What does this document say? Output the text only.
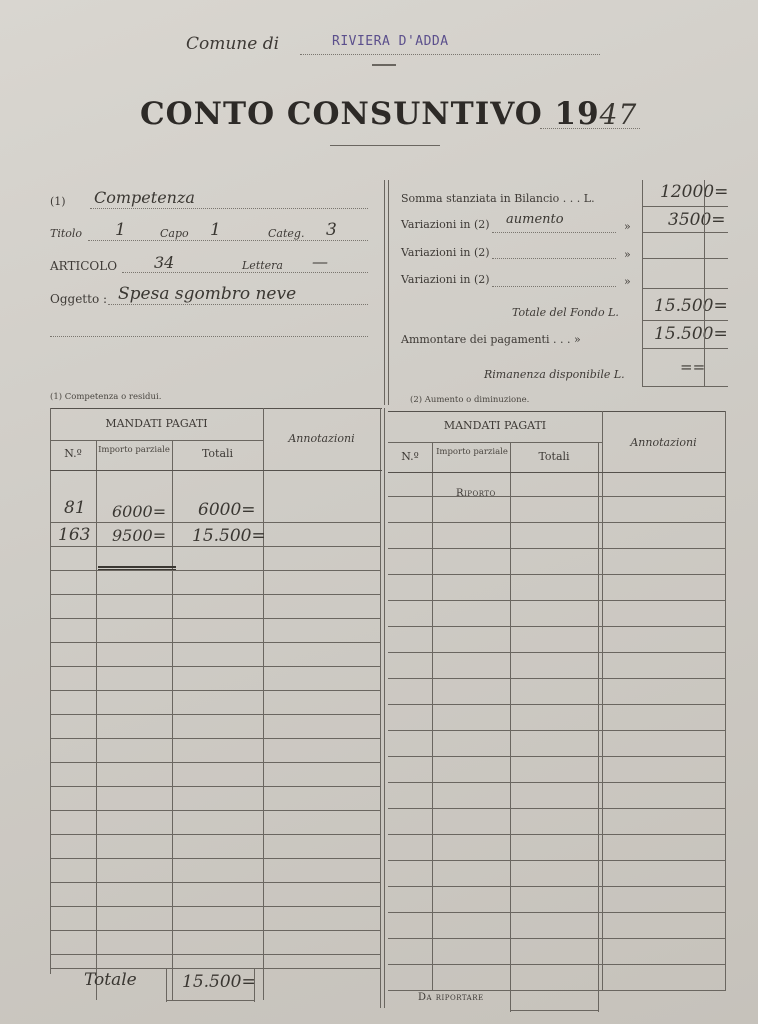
Comune di	RIVIERA D'ADDA
CONTO CONSUNTIVO 1947
(1) Competenza
Titolo 1	Capo 1	Categ. 3
ARTICOLO 34	Lettera —
Oggetto : Spesa sgombro neve
Somma stanziata in Bilancio . . . L.	12000=
Variazioni in (2) aumento	» 3500=
Variazioni in (2)	»
Variazioni in (2)	»
Totale del Fondo L. 15.500=
Ammontare dei pagamenti . . . »	15.500=
Rimanenza disponibile L.	==
(1) Competenza o residui.	(2) Aumento o diminuzione.
MANDATI PAGATI
Annotazioni
N.º	Importo parziale	Totali
81 6000= 6000=
163 9500= 15.500=
Totale	15.500=
MANDATI PAGATI
Annotazioni
N.º	Importo parziale	Totali
Riporto
Da riportare
